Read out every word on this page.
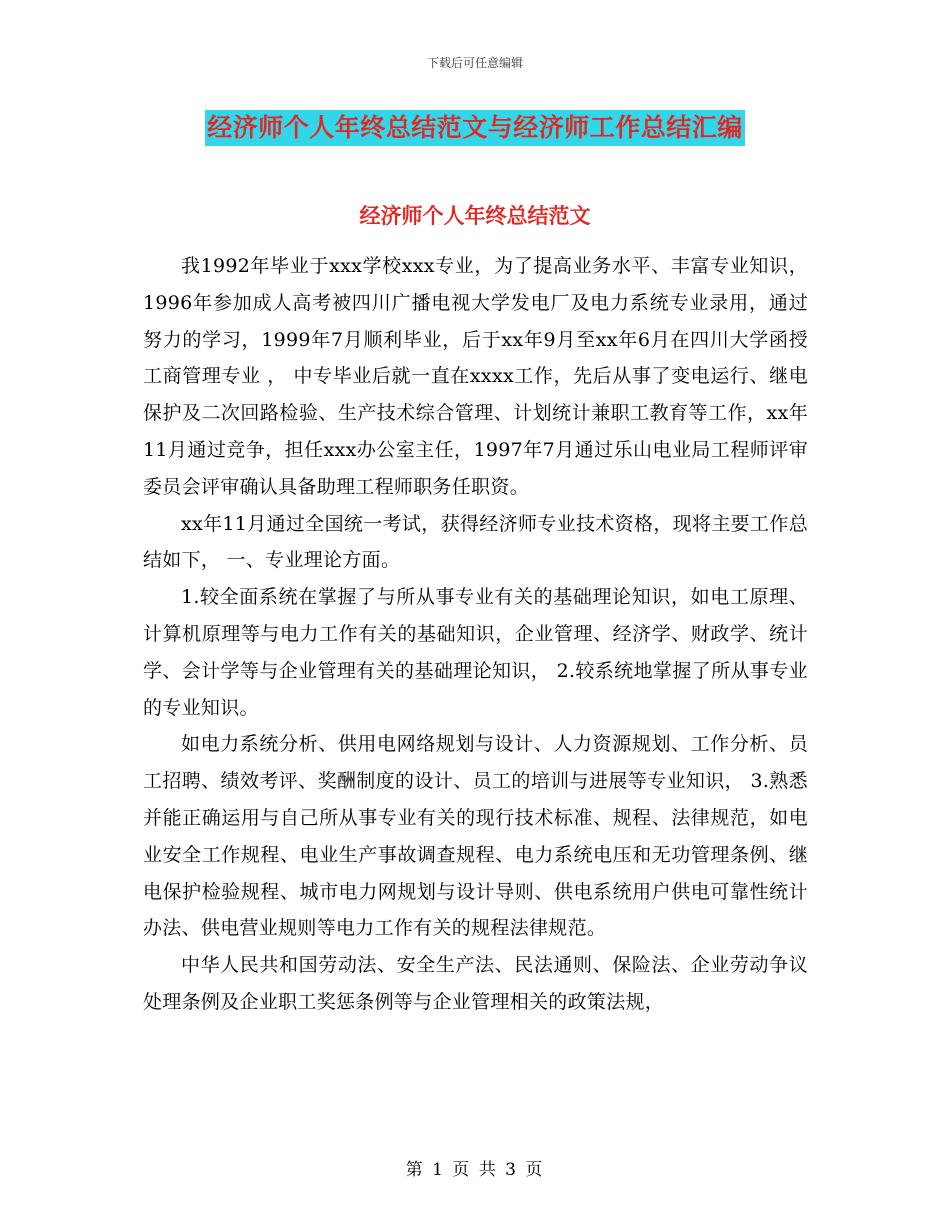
下载后可任意编辑
经济师个人年终总结范文与经济师工作总结汇编
经济师个人年终总结范文

我1992年毕业于xxx学校xxx专业，为了提高业务水平、丰富专业知识，1996年参加成人高考被四川广播电视大学发电厂及电力系统专业录用，通过努力的学习，1999年7月顺利毕业，后于xx年9月至xx年6月在四川大学函授工商管理专业 ， 中专毕业后就一直在xxxx工作，先后从事了变电运行、继电保护及二次回路检验、生产技术综合管理、计划统计兼职工教育等工作，xx年11月通过竞争，担任xxx办公室主任，1997年7月通过乐山电业局工程师评审委员会评审确认具备助理工程师职务任职资。

xx年11月通过全国统一考试，获得经济师专业技术资格，现将主要工作总结如下， 一、专业理论方面。

1.较全面系统在掌握了与所从事专业有关的基础理论知识，如电工原理、计算机原理等与电力工作有关的基础知识，企业管理、经济学、财政学、统计学、会计学等与企业管理有关的基础理论知识， 2.较系统地掌握了所从事专业的专业知识。

如电力系统分析、供用电网络规划与设计、人力资源规划、工作分析、员工招聘、绩效考评、奖酬制度的设计、员工的培训与进展等专业知识， 3.熟悉并能正确运用与自己所从事专业有关的现行技术标准、规程、法律规范，如电业安全工作规程、电业生产事故调查规程、电力系统电压和无功管理条例、继电保护检验规程、城市电力网规划与设计导则、供电系统用户供电可靠性统计办法、供电营业规则等电力工作有关的规程法律规范。

中华人民共和国劳动法、安全生产法、民法通则、保险法、企业劳动争议处理条例及企业职工奖惩条例等与企业管理相关的政策法规，

第 1 页 共 3 页
